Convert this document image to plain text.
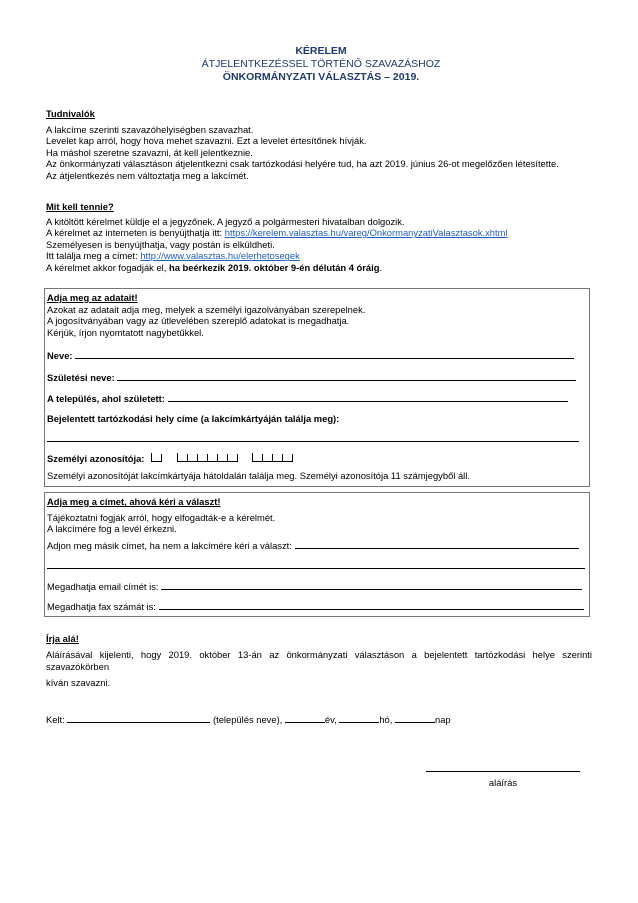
KÉRELEM
ÁTJELENTKEZÉSSEL TÖRTÉNŐ SZAVAZÁSHOZ
ÖNKORMÁNYZATI VÁLASZTÁS – 2019.
Tudnivalók
A lakcíme szerinti szavazóhelyiségben szavazhat.
Levelet kap arról, hogy hova mehet szavazni. Ezt a levelet értesítőnek hívják.
Ha máshol szeretne szavazni, át kell jelentkeznie.
Az önkormányzati választáson átjelentkezni csak tartózkodási helyére tud, ha azt 2019. június 26-ot megelőzően létesítette.
Az átjelentkezés nem változtatja meg a lakcímét.
Mit kell tennie?
A kitöltött kérelmet küldje el a jegyzőnek. A jegyző a polgármesteri hivatalban dolgozik.
A kérelmet az interneten is benyújthatja itt: https://kerelem.valasztas.hu/vareg/OnkormanyzatiValasztasok.xhtml
Személyesen is benyújthatja, vagy postán is elküldheti.
Itt találja meg a címet: http://www.valasztas.hu/elerhetosegek
A kérelmet akkor fogadják el, ha beérkezik 2019. október 9-én délután 4 óráig.
Adja meg az adatait!
Azokat az adatait adja meg, melyek a személyi igazolványában szerepelnek.
A jogosítványában vagy az útlevelében szereplő adatokat is megadhatja.
Kérjük, írjon nyomtatott nagybetűkkel.
Neve:
Születési neve:
A település, ahol született:
Bejelentett tartózkodási hely címe (a lakcímkártyáján találja meg):
Személyi azonosítója:
Személyi azonosítóját lakcímkártyája hátoldalán találja meg. Személyi azonosítója 11 számjegyből áll.
Adja meg a címet, ahová kéri a választ!
Tájékoztatni fogják arról, hogy elfogadták-e a kérelmét.
A lakcímére fog a levél érkezni.
Adjon meg másik címet, ha nem a lakcímére kéri a választ:
Megadhatja email címét is:
Megadhatja fax számát is:
Írja alá!
Aláírásával kijelenti, hogy 2019. október 13-án az önkormányzati választáson a bejelentett tartózkodási helye szerinti
szavazókörben
kíván szavazni.
Kelt:	(település neve),	év,	hó,	nap
aláírás
